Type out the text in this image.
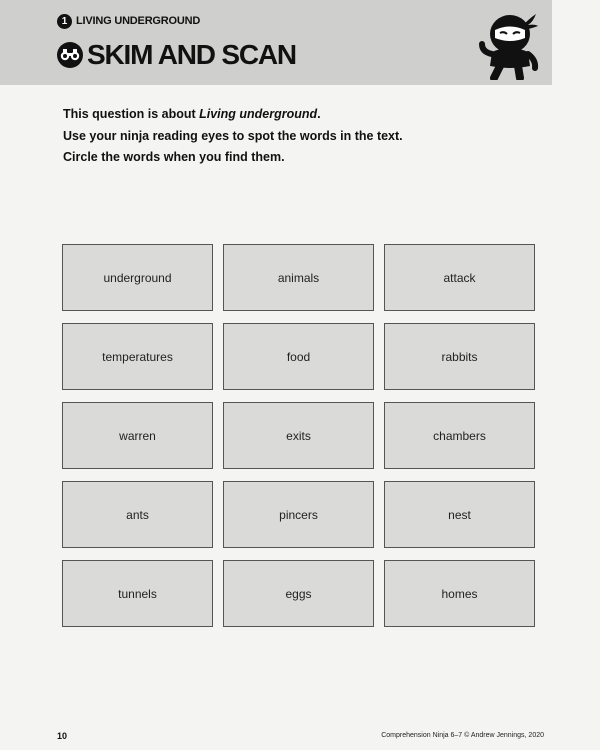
1 LIVING UNDERGROUND
SKIM AND SCAN
This question is about Living underground.
Use your ninja reading eyes to spot the words in the text.
Circle the words when you find them.
underground	animals	attack
temperatures	food	rabbits
warren	exits	chambers
ants	pincers	nest
tunnels	eggs	homes
10	Comprehension Ninja 6–7 © Andrew Jennings, 2020
